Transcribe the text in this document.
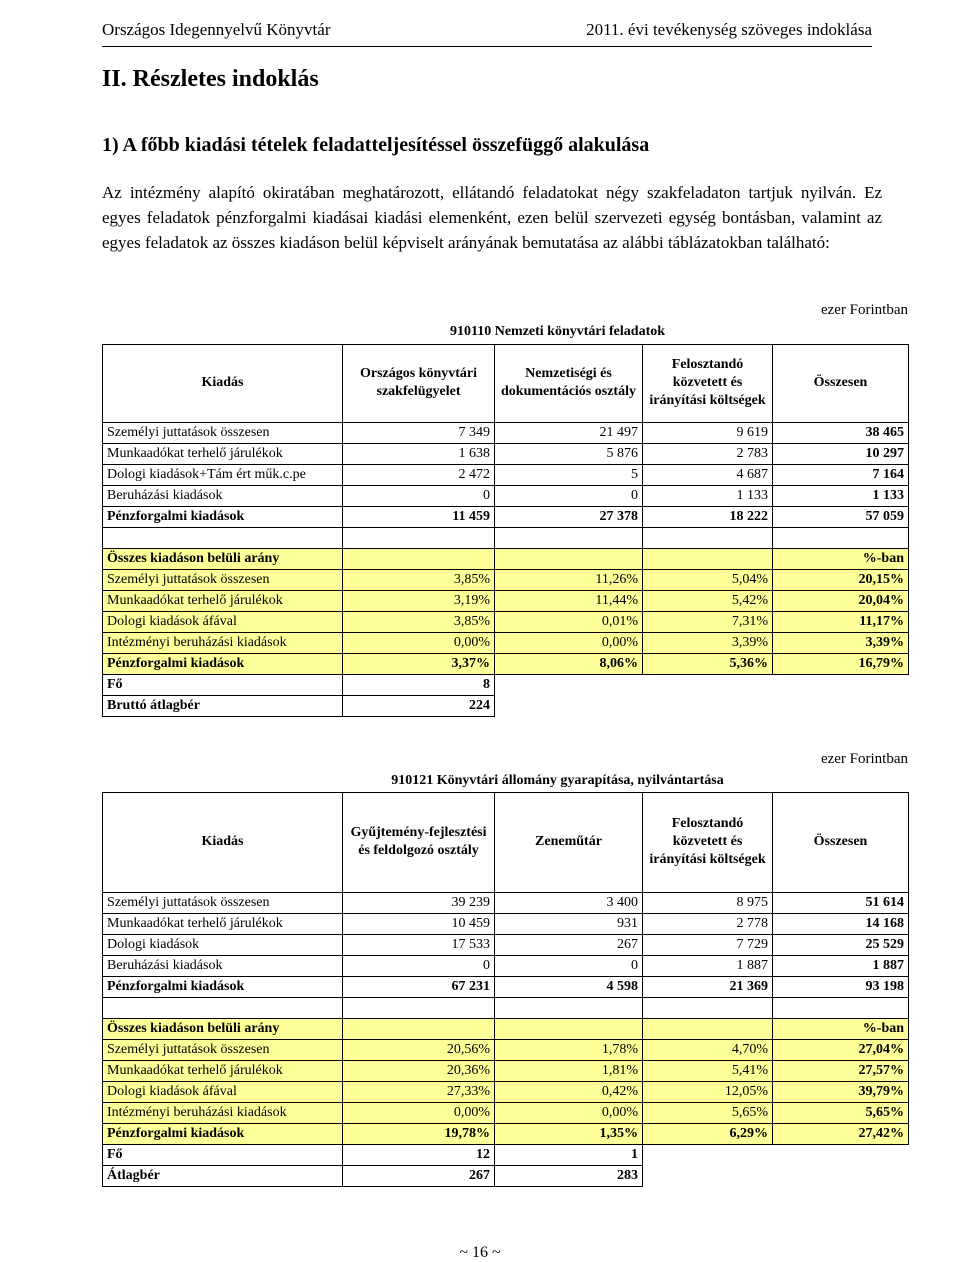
Országos Idegennyelvű Könyvtár	2011. évi tevékenység szöveges indoklása
II. Részletes indoklás
1) A főbb kiadási tételek feladatteljesítéssel összefüggő alakulása
Az intézmény alapító okiratában meghatározott, ellátandó feladatokat négy szakfeladaton tartjuk nyilván. Ez egyes feladatok pénzforgalmi kiadásai kiadási elemenként, ezen belül szervezeti egység bontásban, valamint az egyes feladatok az összes kiadáson belül képviselt arányának bemutatása az alábbi táblázatokban található:
ezer Forintban
	910110 Nemzeti könyvtári feladatok			
Kiadás	Országos könyvtári szakfelügyelet	Nemzetiségi és dokumentációs osztály	Felosztandó közvetett és irányítási költségek	Összesen
Személyi juttatások összesen	7 349	21 497	9 619	38 465
Munkaadókat terhelő járulékok	1 638	5 876	2 783	10 297
Dologi kiadások+Tám ért műk.c.pe	2 472	5	4 687	7 164
Beruházási kiadások	0	0	1 133	1 133
Pénzforgalmi kiadások	11 459	27 378	18 222	57 059

Összes kiadáson belüli arány				%-ban
Személyi juttatások összesen	3,85%	11,26%	5,04%	20,15%
Munkaadókat terhelő járulékok	3,19%	11,44%	5,42%	20,04%
Dologi kiadások áfával	3,85%	0,01%	7,31%	11,17%
Intézményi beruházási kiadások	0,00%	0,00%	3,39%	3,39%
Pénzforgalmi kiadások	3,37%	8,06%	5,36%	16,79%
Fő	8			
Bruttó átlagbér	224			
ezer Forintban
	910121 Könyvtári állomány gyarapítása, nyilvántartása			
Kiadás	Gyűjtemény-fejlesztési és feldolgozó osztály	Zeneműtár	Felosztandó közvetett és irányítási költségek	Összesen
Személyi juttatások összesen	39 239	3 400	8 975	51 614
Munkaadókat terhelő járulékok	10 459	931	2 778	14 168
Dologi kiadások	17 533	267	7 729	25 529
Beruházási kiadások	0	0	1 887	1 887
Pénzforgalmi kiadások	67 231	4 598	21 369	93 198

Összes kiadáson belüli arány				%-ban
Személyi juttatások összesen	20,56%	1,78%	4,70%	27,04%
Munkaadókat terhelő járulékok	20,36%	1,81%	5,41%	27,57%
Dologi kiadások áfával	27,33%	0,42%	12,05%	39,79%
Intézményi beruházási kiadások	0,00%	0,00%	5,65%	5,65%
Pénzforgalmi kiadások	19,78%	1,35%	6,29%	27,42%
Fő	12	1		
Átlagbér	267	283		
~ 16 ~
